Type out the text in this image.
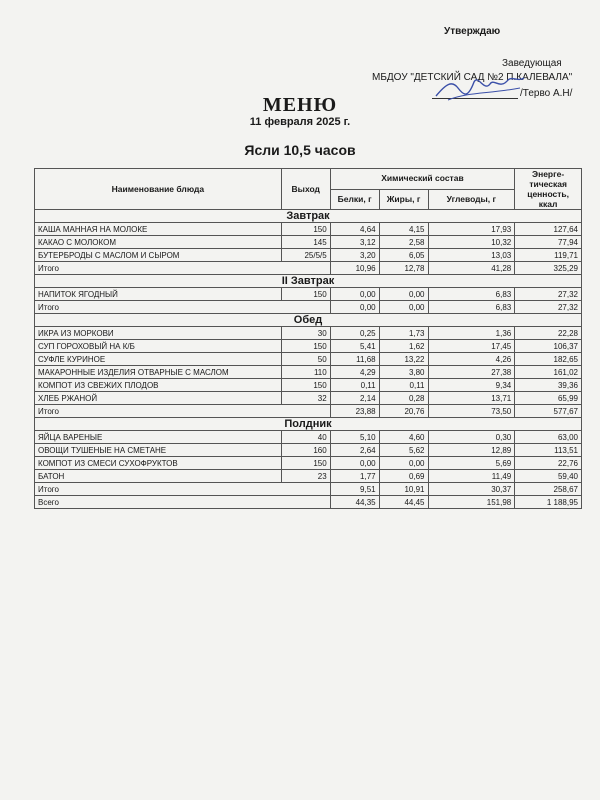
Утверждаю
Заведующая
МБДОУ "ДЕТСКИЙ САД №2 П.КАЛЕВАЛА"
/Терво А.Н/
МЕНЮ
11 февраля 2025 г.
Ясли 10,5 часов
Наименование блюда	Выход	Химический состав			Энерге-
тическая
ценность,
ккал
		Белки, г	Жиры, г	Углеводы, г	
Завтрак					
КАША МАННАЯ НА МОЛОКЕ	150	4,64	4,15	17,93	127,64
КАКАО С МОЛОКОМ	145	3,12	2,58	10,32	77,94
БУТЕРБРОДЫ С МАСЛОМ И СЫРОМ	25/5/5	3,20	6,05	13,03	119,71
Итого		10,96	12,78	41,28	325,29
II Завтрак					
НАПИТОК ЯГОДНЫЙ	150	0,00	0,00	6,83	27,32
Итого		0,00	0,00	6,83	27,32
Обед					
ИКРА ИЗ МОРКОВИ	30	0,25	1,73	1,36	22,28
СУП ГОРОХОВЫЙ НА К/Б	150	5,41	1,62	17,45	106,37
СУФЛЕ КУРИНОЕ	50	11,68	13,22	4,26	182,65
МАКАРОННЫЕ ИЗДЕЛИЯ ОТВАРНЫЕ С МАСЛОМ	110	4,29	3,80	27,38	161,02
КОМПОТ ИЗ СВЕЖИХ ПЛОДОВ	150	0,11	0,11	9,34	39,36
ХЛЕБ РЖАНОЙ	32	2,14	0,28	13,71	65,99
Итого		23,88	20,76	73,50	577,67
Полдник					
ЯЙЦА ВАРЕНЫЕ	40	5,10	4,60	0,30	63,00
ОВОЩИ ТУШЕНЫЕ НА СМЕТАНЕ	160	2,64	5,62	12,89	113,51
КОМПОТ ИЗ СМЕСИ СУХОФРУКТОВ	150	0,00	0,00	5,69	22,76
БАТОН	23	1,77	0,69	11,49	59,40
Итого		9,51	10,91	30,37	258,67
Всего		44,35	44,45	151,98	1 188,95
